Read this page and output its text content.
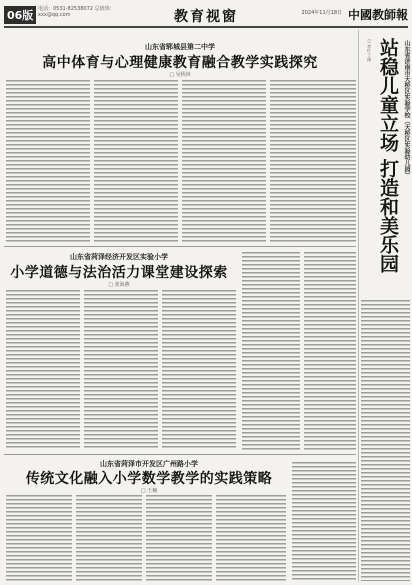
06版 电话：0531-82538072 总值班：xxx@qq.com	教育视窗	2024年11月18日 中國教師報
山东省郓城县第二中学
高中体育与心理健康教育融合教学实践探究
□ 吴秋林
山东省菏泽经济开发区实验小学
小学道德与法治活力课堂建设探索
□ 张海燕
山东省菏泽市开发区广州路小学
传统文化融入小学数学教学的实践策略
□ 王楠
山东省济南市天桥区实验学校（天桥区实验幼儿园）
站稳儿童立场 打造和美乐园
□ 李红 丁刚
